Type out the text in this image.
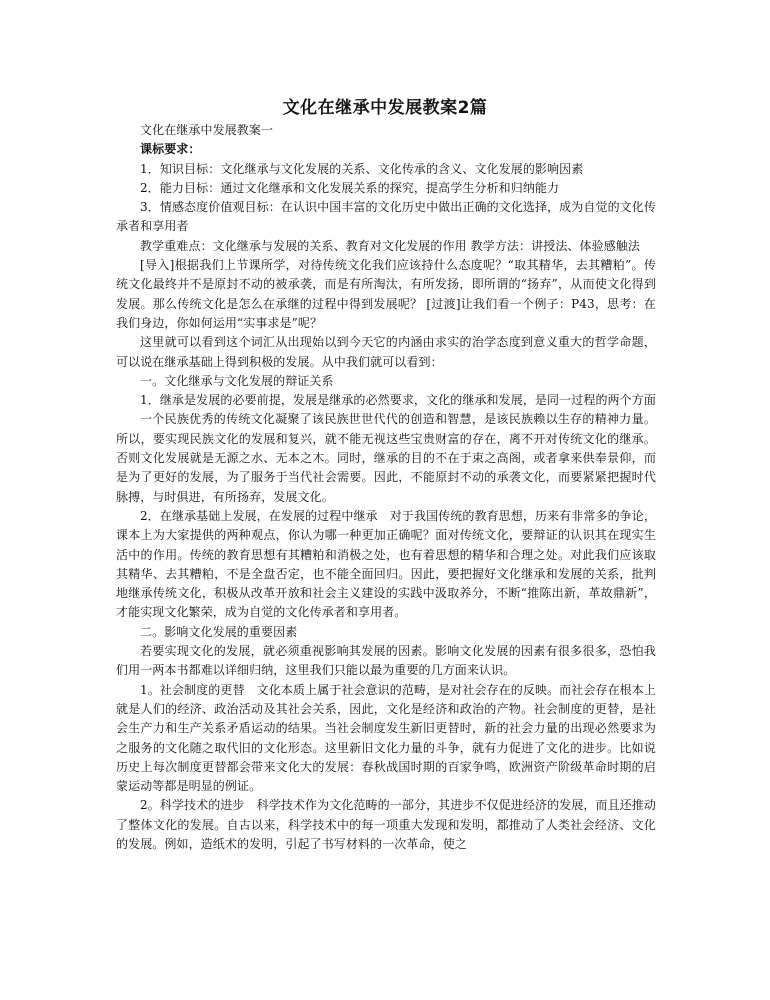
文化在继承中发展教案2篇

文化在继承中发展教案一

课标要求：

1．知识目标：文化继承与文化发展的关系、文化传承的含义、文化发展的影响因素

2．能力目标：通过文化继承和文化发展关系的探究，提高学生分析和归纳能力

3．情感态度价值观目标：在认识中国丰富的文化历史中做出正确的文化选择，成为自觉的文化传承者和享用者

教学重难点：文化继承与发展的关系、教育对文化发展的作用 教学方法：讲授法、体验感触法

[导入]根据我们上节课所学，对待传统文化我们应该持什么态度呢？“取其精华，去其糟粕”。传统文化最终并不是原封不动的被承袭，而是有所淘汰，有所发扬，即所谓的“扬弃”，从而使文化得到发展。那么传统文化是怎么在承继的过程中得到发展呢？ [过渡]让我们看一个例子：P43，思考：在我们身边，你如何运用“实事求是”呢？

这里就可以看到这个词汇从出现始以到今天它的内涵由求实的治学态度到意义重大的哲学命题，可以说在继承基础上得到积极的发展。从中我们就可以看到：

一。文化继承与文化发展的辩证关系

1．继承是发展的必要前提，发展是继承的必然要求，文化的继承和发展，是同一过程的两个方面

一个民族优秀的传统文化凝聚了该民族世世代代的创造和智慧，是该民族赖以生存的精神力量。所以，要实现民族文化的发展和复兴，就不能无视这些宝贵财富的存在，离不开对传统文化的继承。否则文化发展就是无源之水、无本之木。同时，继承的目的不在于束之高阁，或者拿来供奉景仰，而是为了更好的发展，为了服务于当代社会需要。因此，不能原封不动的承袭文化，而要紧紧把握时代脉搏，与时俱进，有所扬弃，发展文化。

2．在继承基础上发展，在发展的过程中继承　对于我国传统的教育思想，历来有非常多的争论，课本上为大家提供的两种观点，你认为哪一种更加正确呢？面对传统文化，要辩证的认识其在现实生活中的作用。传统的教育思想有其糟粕和消极之处，也有着思想的精华和合理之处。对此我们应该取其精华、去其糟粕，不是全盘否定，也不能全面回归。因此，要把握好文化继承和发展的关系，批判地继承传统文化，积极从改革开放和社会主义建设的实践中汲取养分，不断“推陈出新，革故鼎新”，才能实现文化繁荣，成为自觉的文化传承者和享用者。

二。影响文化发展的重要因素

若要实现文化的发展，就必须重视影响其发展的因素。影响文化发展的因素有很多很多，恐怕我们用一两本书都难以详细归纳，这里我们只能以最为重要的几方面来认识。

1。社会制度的更替　文化本质上属于社会意识的范畴，是对社会存在的反映。而社会存在根本上就是人们的经济、政治活动及其社会关系，因此，文化是经济和政治的产物。社会制度的更替，是社会生产力和生产关系矛盾运动的结果。当社会制度发生新旧更替时，新的社会力量的出现必然要求为之服务的文化随之取代旧的文化形态。这里新旧文化力量的斗争，就有力促进了文化的进步。比如说历史上每次制度更替都会带来文化大的发展：春秋战国时期的百家争鸣，欧洲资产阶级革命时期的启蒙运动等都是明显的例证。

2。科学技术的进步　科学技术作为文化范畴的一部分，其进步不仅促进经济的发展，而且还推动了整体文化的发展。自古以来，科学技术中的每一项重大发现和发明，都推动了人类社会经济、文化的发展。例如，造纸术的发明，引起了书写材料的一次革命，使之
